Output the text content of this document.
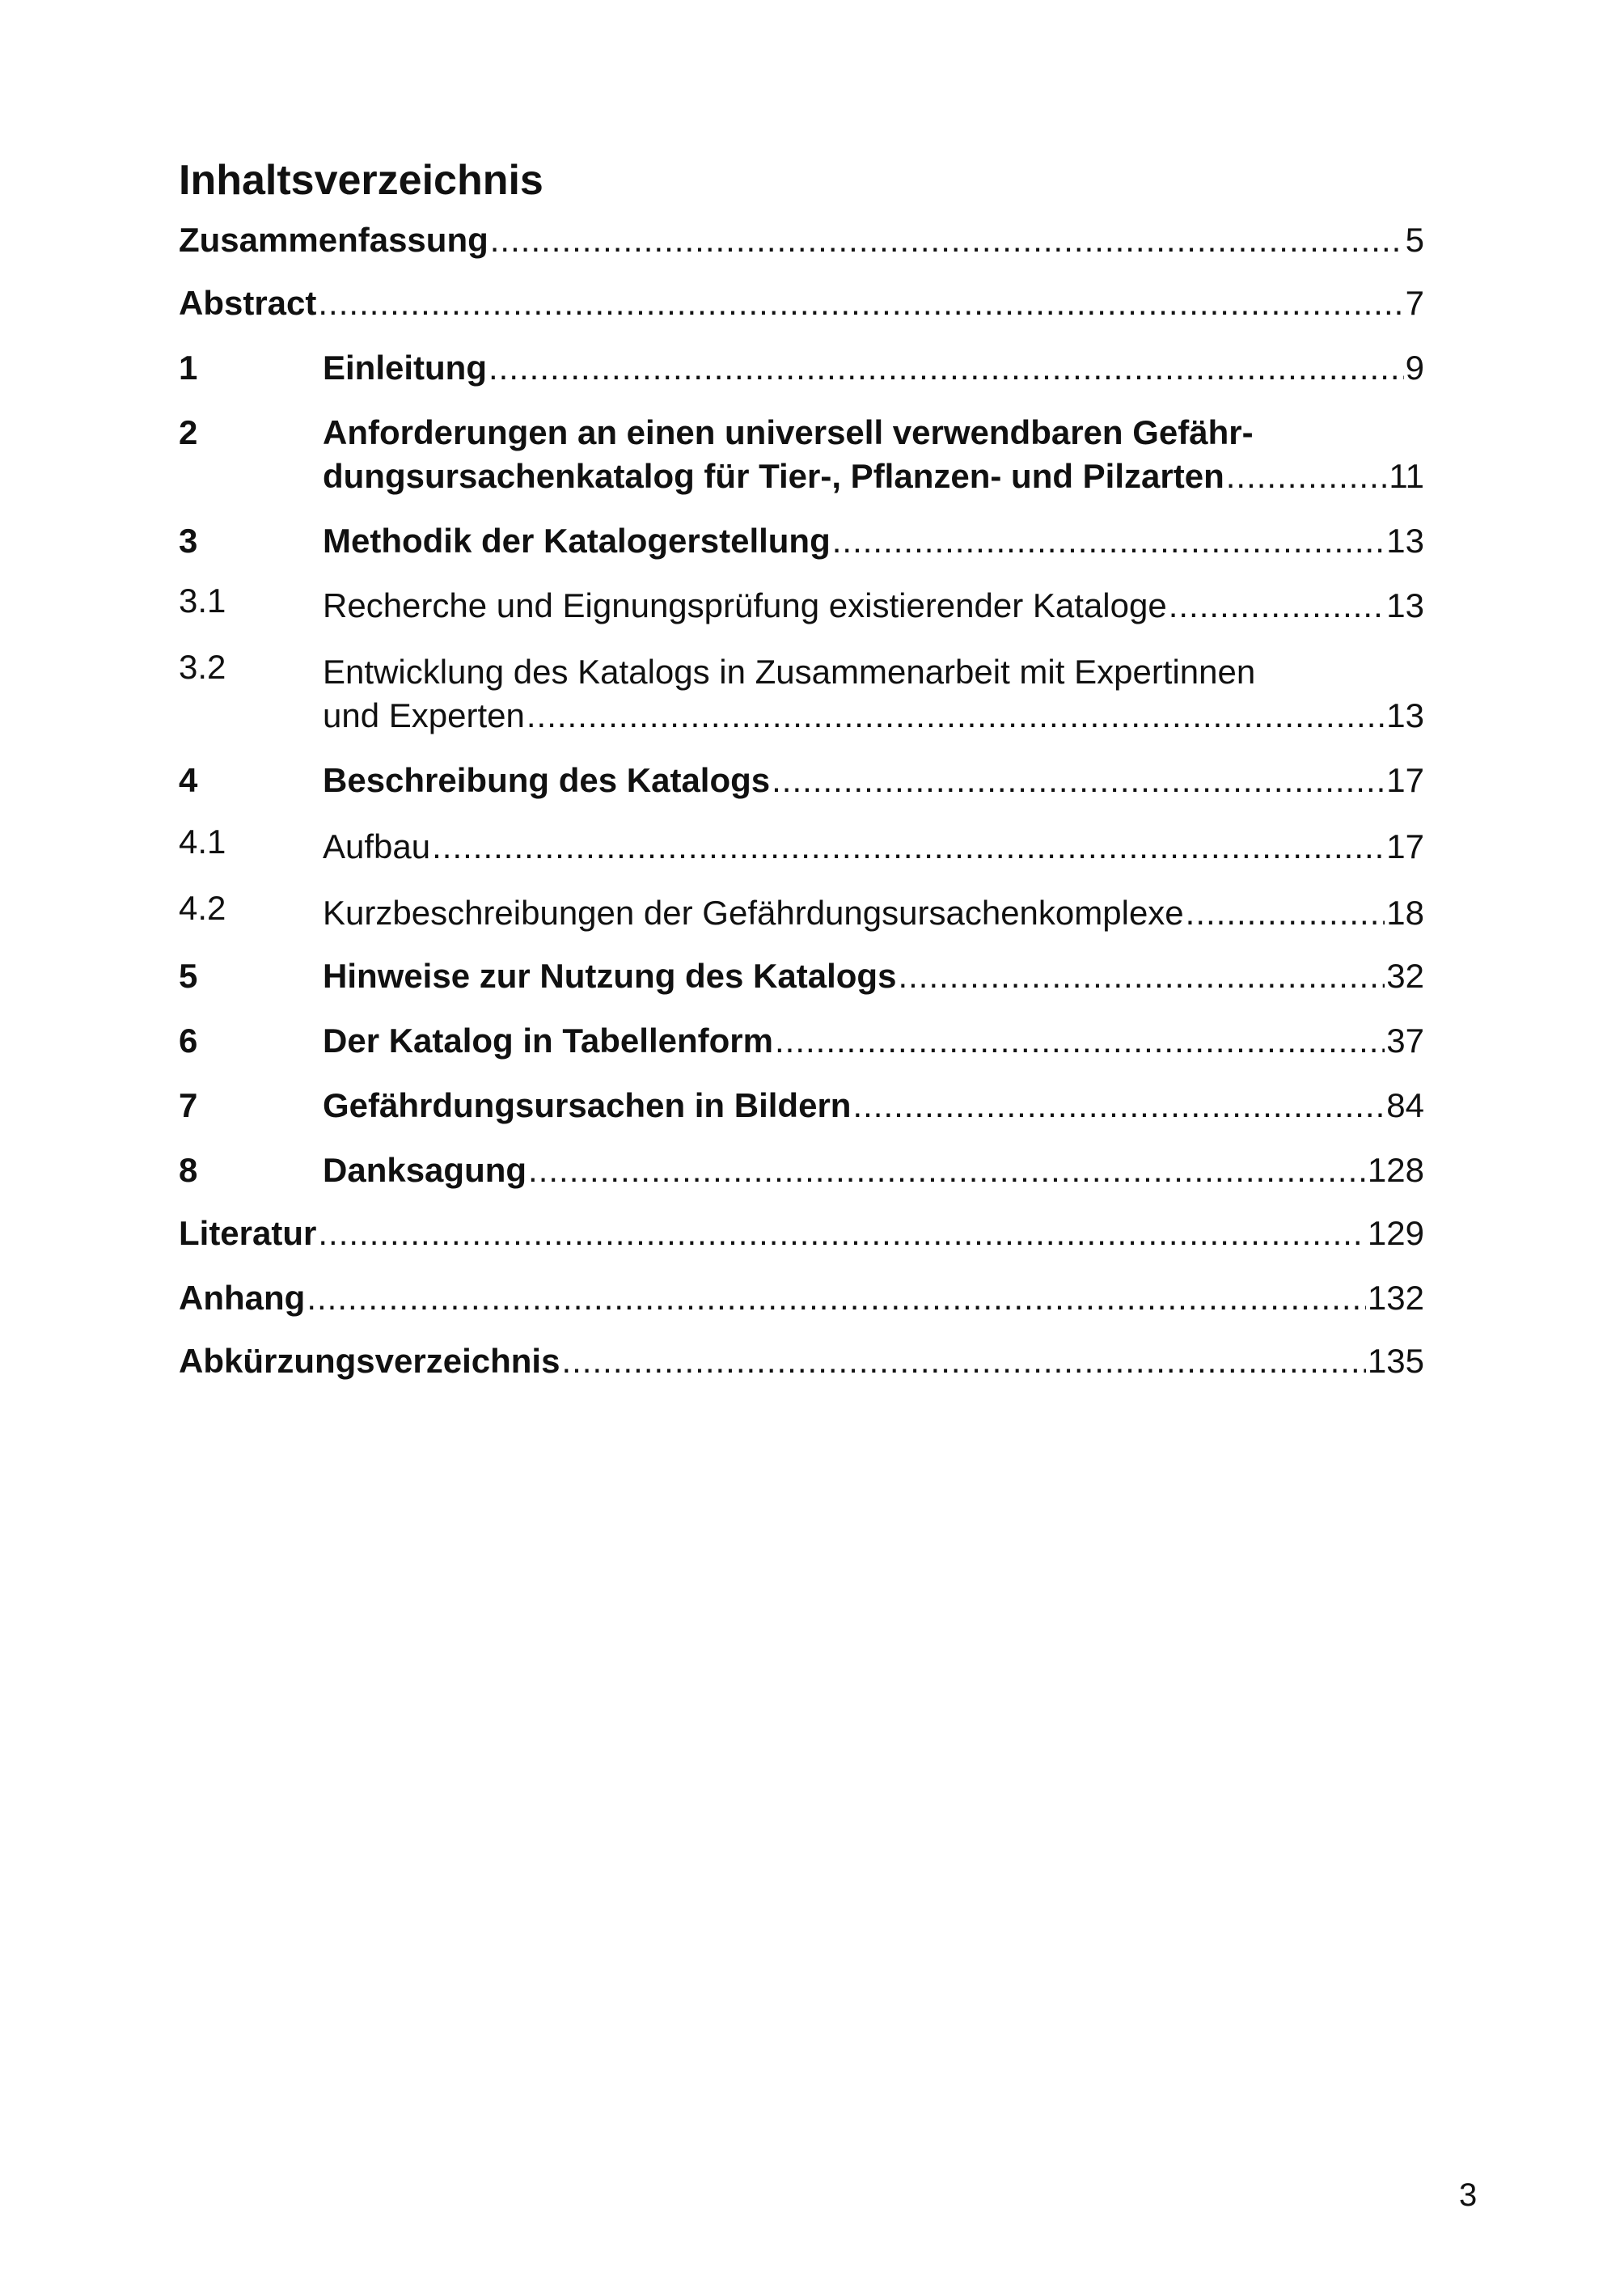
Inhaltsverzeichnis
Zusammenfassung .....	5
Abstract .....	7
1	Einleitung .....	9
2	Anforderungen an einen universell verwendbaren Gefähr-
dungsursachenkatalog für Tier-, Pflanzen- und Pilzarten .....	11
3	Methodik der Katalogerstellung .....	13
3.1	Recherche und Eignungsprüfung existierender Kataloge .....	13
3.2	Entwicklung des Katalogs in Zusammenarbeit mit Expertinnen
und Experten .....	13
4	Beschreibung des Katalogs .....	17
4.1	Aufbau .....	17
4.2	Kurzbeschreibungen der Gefährdungsursachenkomplexe .....	18
5	Hinweise zur Nutzung des Katalogs .....	32
6	Der Katalog in Tabellenform .....	37
7	Gefährdungsursachen in Bildern .....	84
8	Danksagung .....	128
Literatur .....	129
Anhang .....	132
Abkürzungsverzeichnis .....	135
3
